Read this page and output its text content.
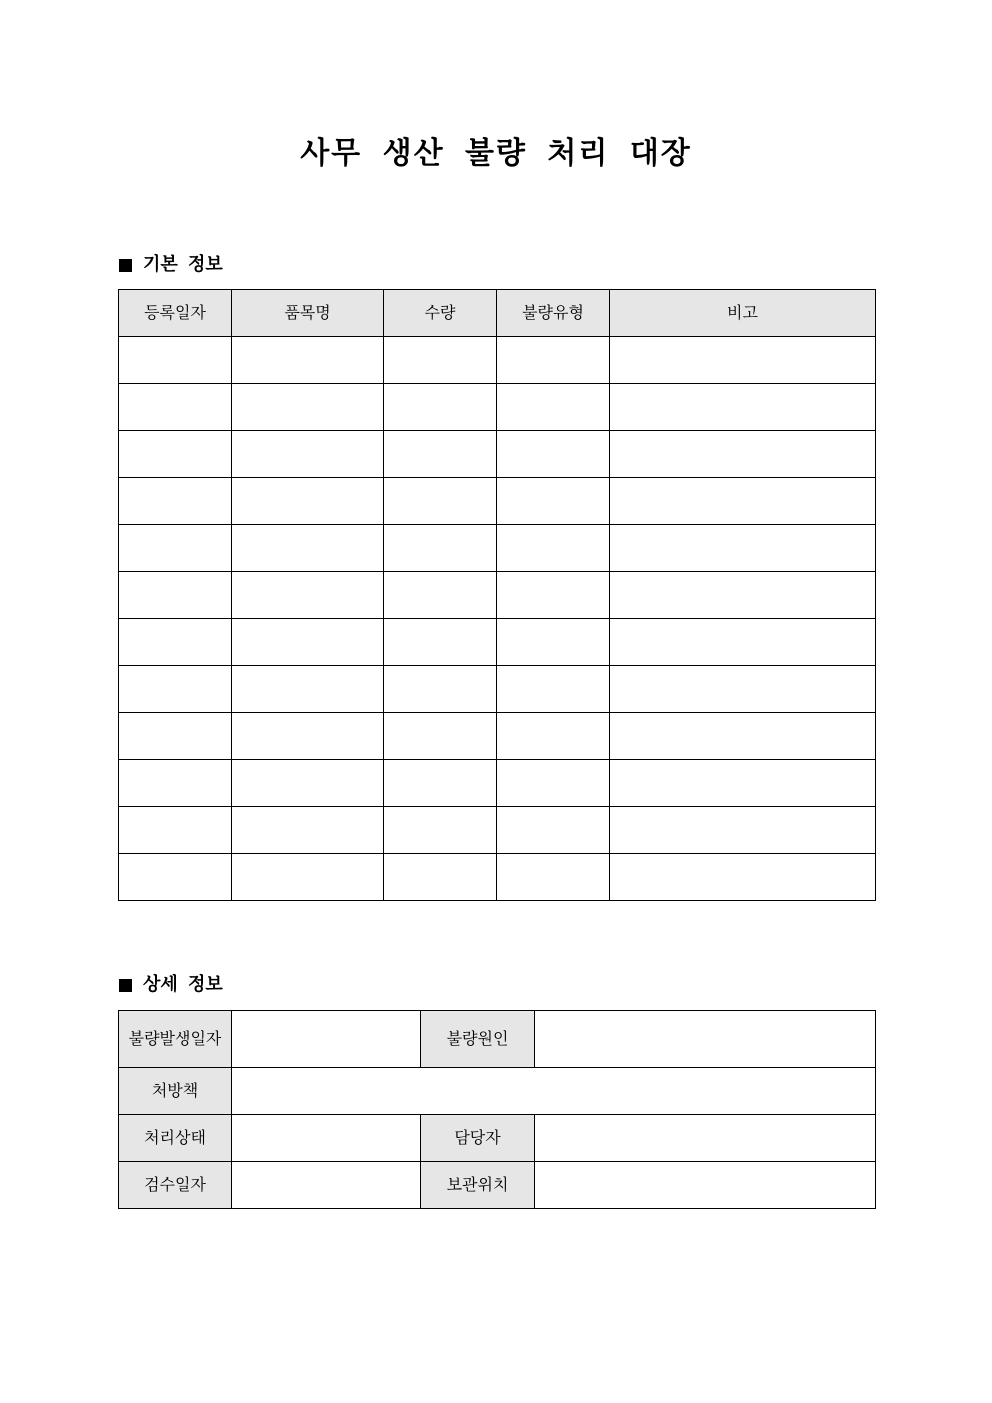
사무 생산 불량 처리 대장
기본 정보
등록일자	품목명	수량	불량유형	비고

상세 정보
불량발생일자		불량원인	
처방책			
처리상태		담당자	
검수일자		보관위치	
